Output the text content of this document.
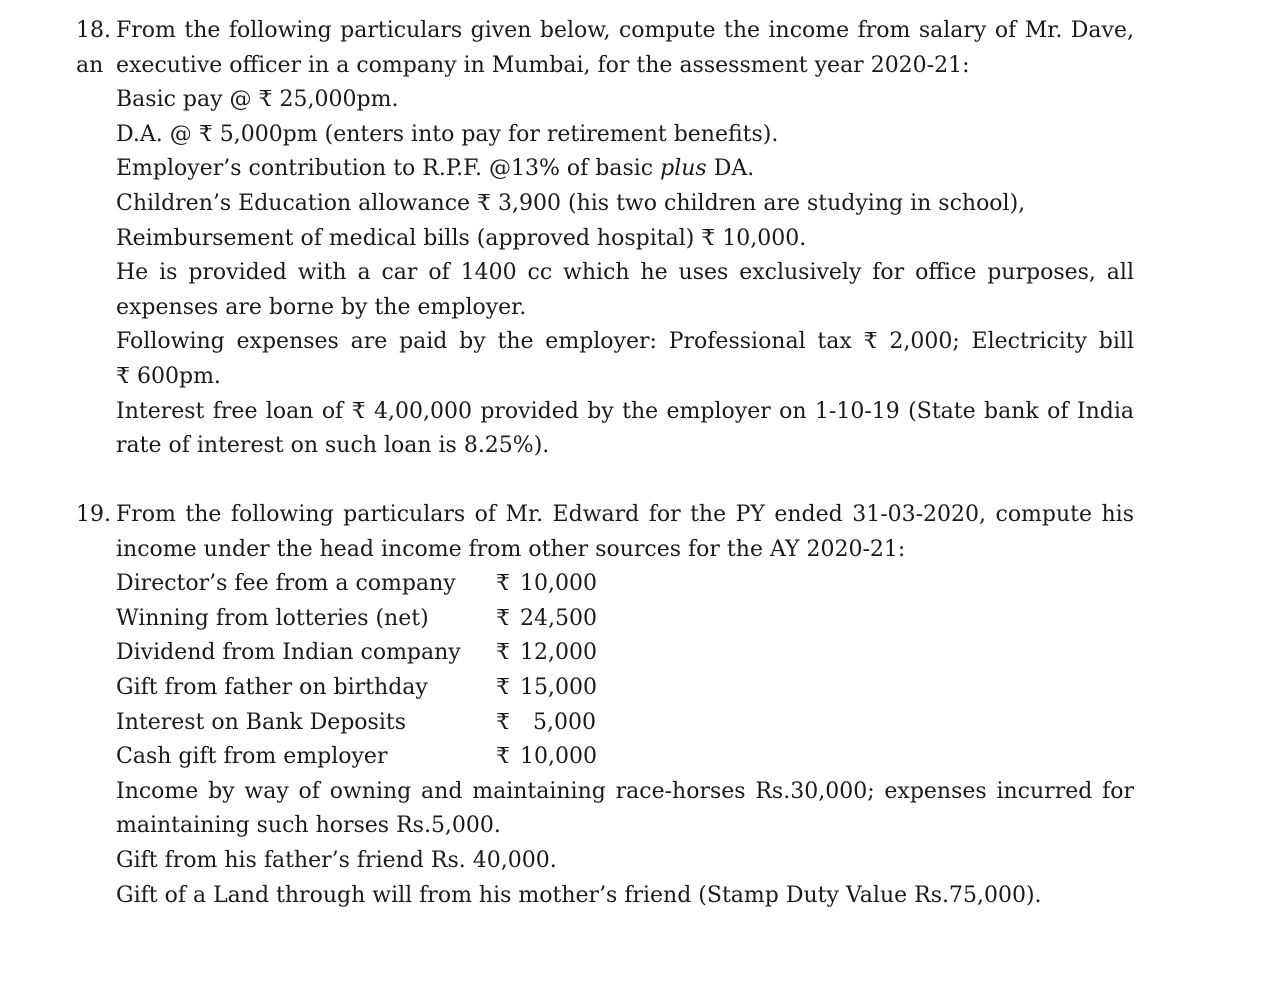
18. From the following particulars given below, compute the income from salary of Mr. Dave, an executive officer in a company in Mumbai, for the assessment year 2020-21:
Basic pay @ ₹ 25,000pm.
D.A. @ ₹ 5,000pm (enters into pay for retirement benefits).
Employer’s contribution to R.P.F. @13% of basic plus DA.
Children’s Education allowance ₹ 3,900 (his two children are studying in school),
Reimbursement of medical bills (approved hospital) ₹ 10,000.
He is provided with a car of 1400 cc which he uses exclusively for office purposes, all
expenses are borne by the employer.
Following expenses are paid by the employer: Professional tax ₹ 2,000; Electricity bill
₹ 600pm.
Interest free loan of ₹ 4,00,000 provided by the employer on 1-10-19 (State bank of India
rate of interest on such loan is 8.25%).
19. From the following particulars of Mr. Edward for the PY ended 31-03-2020, compute his
income under the head income from other sources for the AY 2020-21:
Director’s fee from a company	₹ 10,000
Winning from lotteries (net)	₹ 24,500
Dividend from Indian company	₹ 12,000
Gift from father on birthday	₹ 15,000
Interest on Bank Deposits	₹	5,000
Cash gift from employer	₹ 10,000
Income by way of owning and maintaining race-horses Rs.30,000; expenses incurred for
maintaining such horses Rs.5,000.
Gift from his father’s friend Rs. 40,000.
Gift of a Land through will from his mother’s friend (Stamp Duty Value Rs.75,000).
